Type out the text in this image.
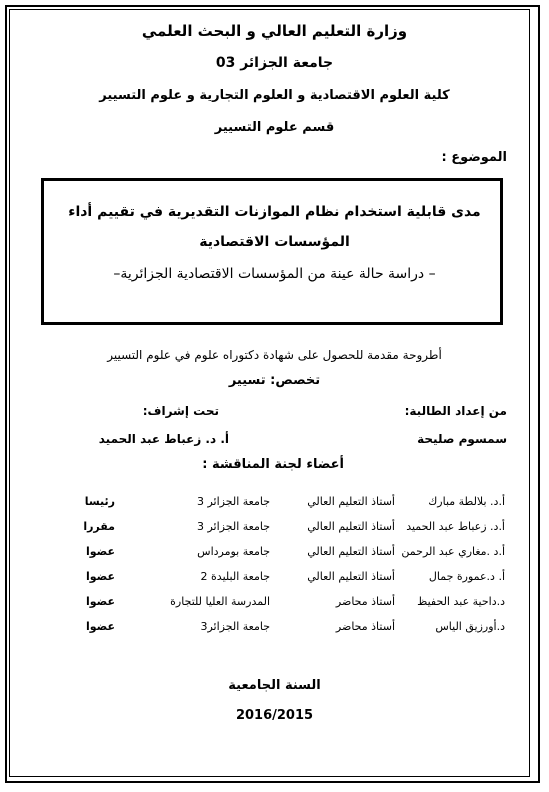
وزارة التعليم العالي و البحث العلمي
جامعة الجزائر 03
كلية العلوم الاقتصادية و العلوم التجارية و علوم التسيير
قسم علوم التسيير
الموضوع :
مدى قابلية استخدام نظام الموازنات التقديرية في تقييم أداء
المؤسسات الاقتصادية
– دراسة حالة عينة من المؤسسات الاقتصادية الجزائرية–
أطروحة مقدمة للحصول على شهادة دكتوراه علوم في علوم التسيير
تخصص: تسيير
من إعداد الطالبة:
تحت إشراف:
سمسوم صليحة
أ. د. زعباط عبد الحميد
أعضاء لجنة المناقشة :
أ.د. بلالطة مبارك
أستاذ التعليم العالي
جامعة الجزائر 3
رئيسا
أ.د. زعباط عبد الحميد
أستاذ التعليم العالي
جامعة الجزائر 3
مقررا
أ.د .مغاري عبد الرحمن
أستاذ التعليم العالي
جامعة بومرداس
عضوا
أ. د.عمورة جمال
أستاذ التعليم العالي
جامعة البليدة 2
عضوا
د.داحية عبد الحفيظ
أستاذ محاضر
المدرسة العليا للتجارة
عضوا
د.أورزيق الياس
أستاذ محاضر
جامعة الجزائر3
عضوا
السنة الجامعية
2016/2015
